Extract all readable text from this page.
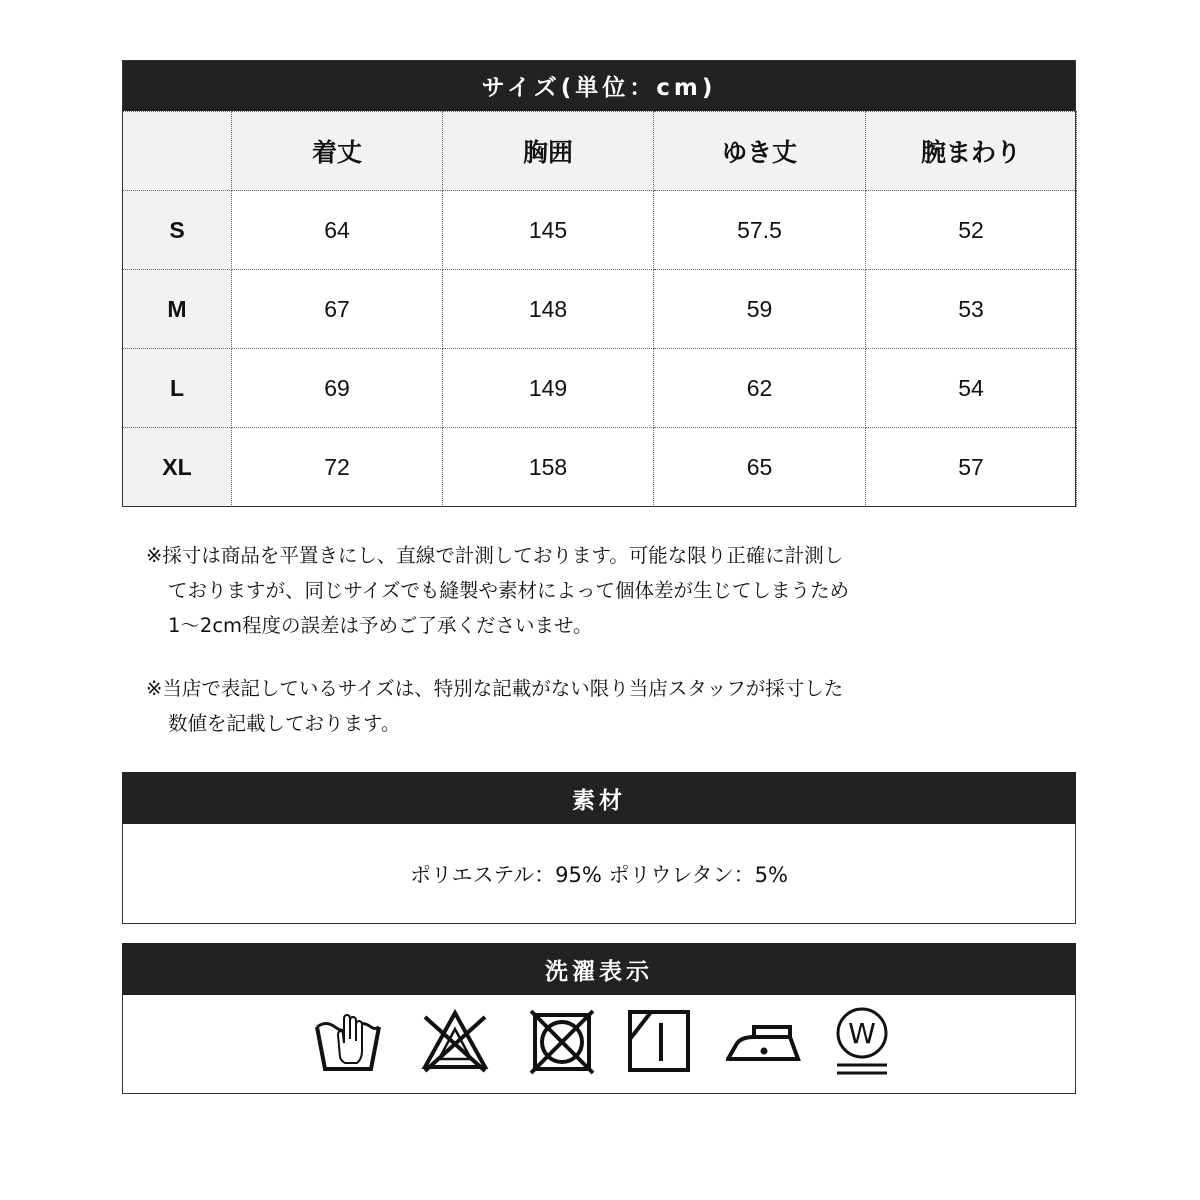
サイズ(単位：cm)
	着丈	胸囲	ゆき丈	腕まわり
S	64	145	57.5	52
M	67	148	59	53
L	69	149	62	54
XL	72	158	65	57
※採寸は商品を平置きにし、直線で計測しております。可能な限り正確に計測し
ておりますが、同じサイズでも縫製や素材によって個体差が生じてしまうため
1〜2cm程度の誤差は予めご了承くださいませ。
※当店で表記しているサイズは、特別な記載がない限り当店スタッフが採寸した
数値を記載しております。
素材
ポリエステル：95% ポリウレタン：5%
洗濯表示
W
